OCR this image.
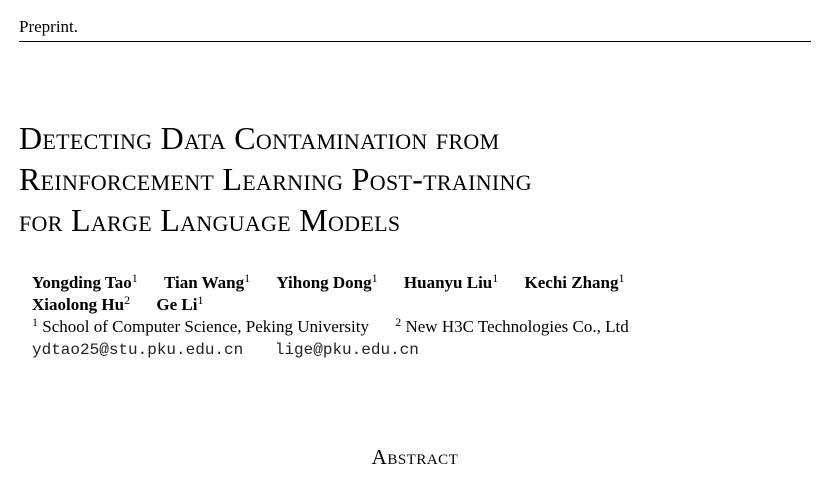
Preprint.
Detecting Data Contamination from
Reinforcement Learning Post-training
for Large Language Models
Yongding Tao$^1$ Tian Wang$^1$ Yihong Dong$^1$ Huanyu Liu$^1$ Kechi Zhang$^1$
Xiaolong Hu$^2$ Ge Li$^1$
$^1$ School of Computer Science, Peking University $^2$ New H3C Technologies Co., Ltd
ydtao25@stu.pku.edu.cn lige@pku.edu.cn
Abstract
